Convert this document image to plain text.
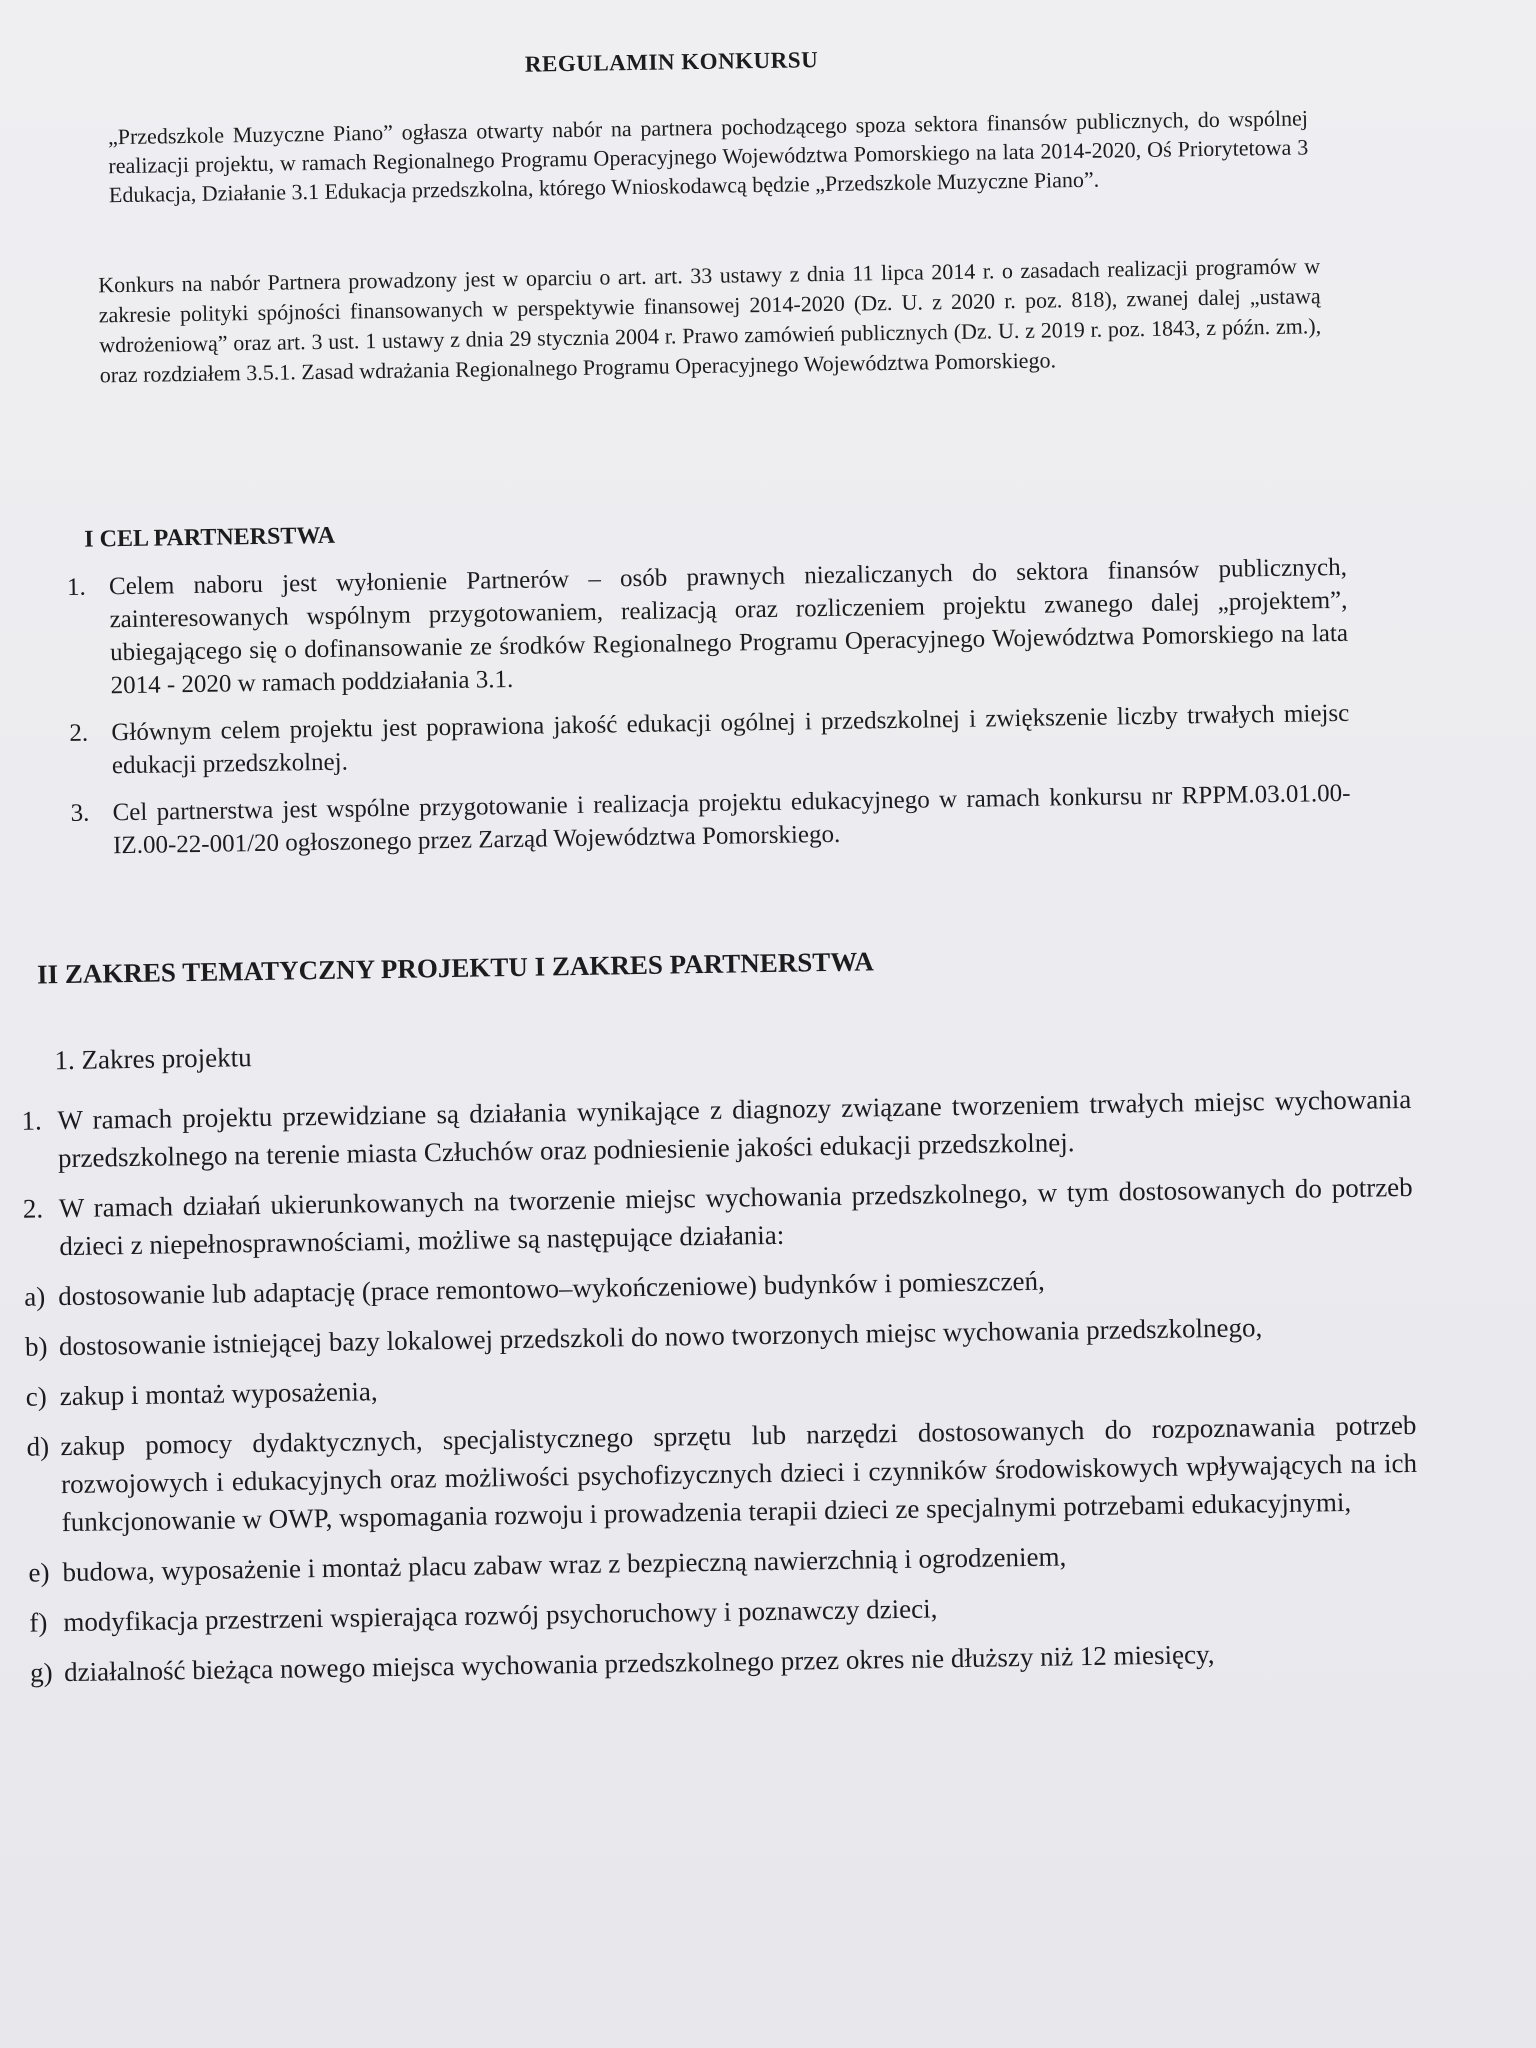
REGULAMIN KONKURSU
„Przedszkole Muzyczne Piano” ogłasza otwarty nabór na partnera pochodzącego spoza sektora finansów publicznych, do wspólnej realizacji projektu, w ramach Regionalnego Programu Operacyjnego Województwa Pomorskiego na lata 2014-2020, Oś Priorytetowa 3 Edukacja, Działanie 3.1 Edukacja przedszkolna, którego Wnioskodawcą będzie „Przedszkole Muzyczne Piano”.
Konkurs na nabór Partnera prowadzony jest w oparciu o art. art. 33 ustawy z dnia 11 lipca 2014 r. o zasadach realizacji programów w zakresie polityki spójności finansowanych w perspektywie finansowej 2014-2020 (Dz. U. z 2020 r. poz. 818), zwanej dalej „ustawą wdrożeniową” oraz art. 3 ust. 1 ustawy z dnia 29 stycznia 2004 r. Prawo zamówień publicznych (Dz. U. z 2019 r. poz. 1843, z późn. zm.), oraz rozdziałem 3.5.1. Zasad wdrażania Regionalnego Programu Operacyjnego Województwa Pomorskiego.
I CEL PARTNERSTWA
1. Celem naboru jest wyłonienie Partnerów – osób prawnych niezaliczanych do sektora finansów publicznych, zainteresowanych wspólnym przygotowaniem, realizacją oraz rozliczeniem projektu zwanego dalej „projektem”, ubiegającego się o dofinansowanie ze środków Regionalnego Programu Operacyjnego Województwa Pomorskiego na lata 2014 - 2020 w ramach poddziałania 3.1.
2. Głównym celem projektu jest poprawiona jakość edukacji ogólnej i przedszkolnej i zwiększenie liczby trwałych miejsc edukacji przedszkolnej.
3. Cel partnerstwa jest wspólne przygotowanie i realizacja projektu edukacyjnego w ramach konkursu nr RPPM.03.01.00-IZ.00-22-001/20 ogłoszonego przez Zarząd Województwa Pomorskiego.
II ZAKRES TEMATYCZNY PROJEKTU I ZAKRES PARTNERSTWA
1. Zakres projektu
1. W ramach projektu przewidziane są działania wynikające z diagnozy związane tworzeniem trwałych miejsc wychowania przedszkolnego na terenie miasta Człuchów oraz podniesienie jakości edukacji przedszkolnej.
2. W ramach działań ukierunkowanych na tworzenie miejsc wychowania przedszkolnego, w tym dostosowanych do potrzeb dzieci z niepełnosprawnościami, możliwe są następujące działania:
a) dostosowanie lub adaptację (prace remontowo–wykończeniowe) budynków i pomieszczeń,
b) dostosowanie istniejącej bazy lokalowej przedszkoli do nowo tworzonych miejsc wychowania przedszkolnego,
c) zakup i montaż wyposażenia,
d) zakup pomocy dydaktycznych, specjalistycznego sprzętu lub narzędzi dostosowanych do rozpoznawania potrzeb rozwojowych i edukacyjnych oraz możliwości psychofizycznych dzieci i czynników środowiskowych wpływających na ich funkcjonowanie w OWP, wspomagania rozwoju i prowadzenia terapii dzieci ze specjalnymi potrzebami edukacyjnymi,
e) budowa, wyposażenie i montaż placu zabaw wraz z bezpieczną nawierzchnią i ogrodzeniem,
f) modyfikacja przestrzeni wspierająca rozwój psychoruchowy i poznawczy dzieci,
g) działalność bieżąca nowego miejsca wychowania przedszkolnego przez okres nie dłuższy niż 12 miesięcy,
